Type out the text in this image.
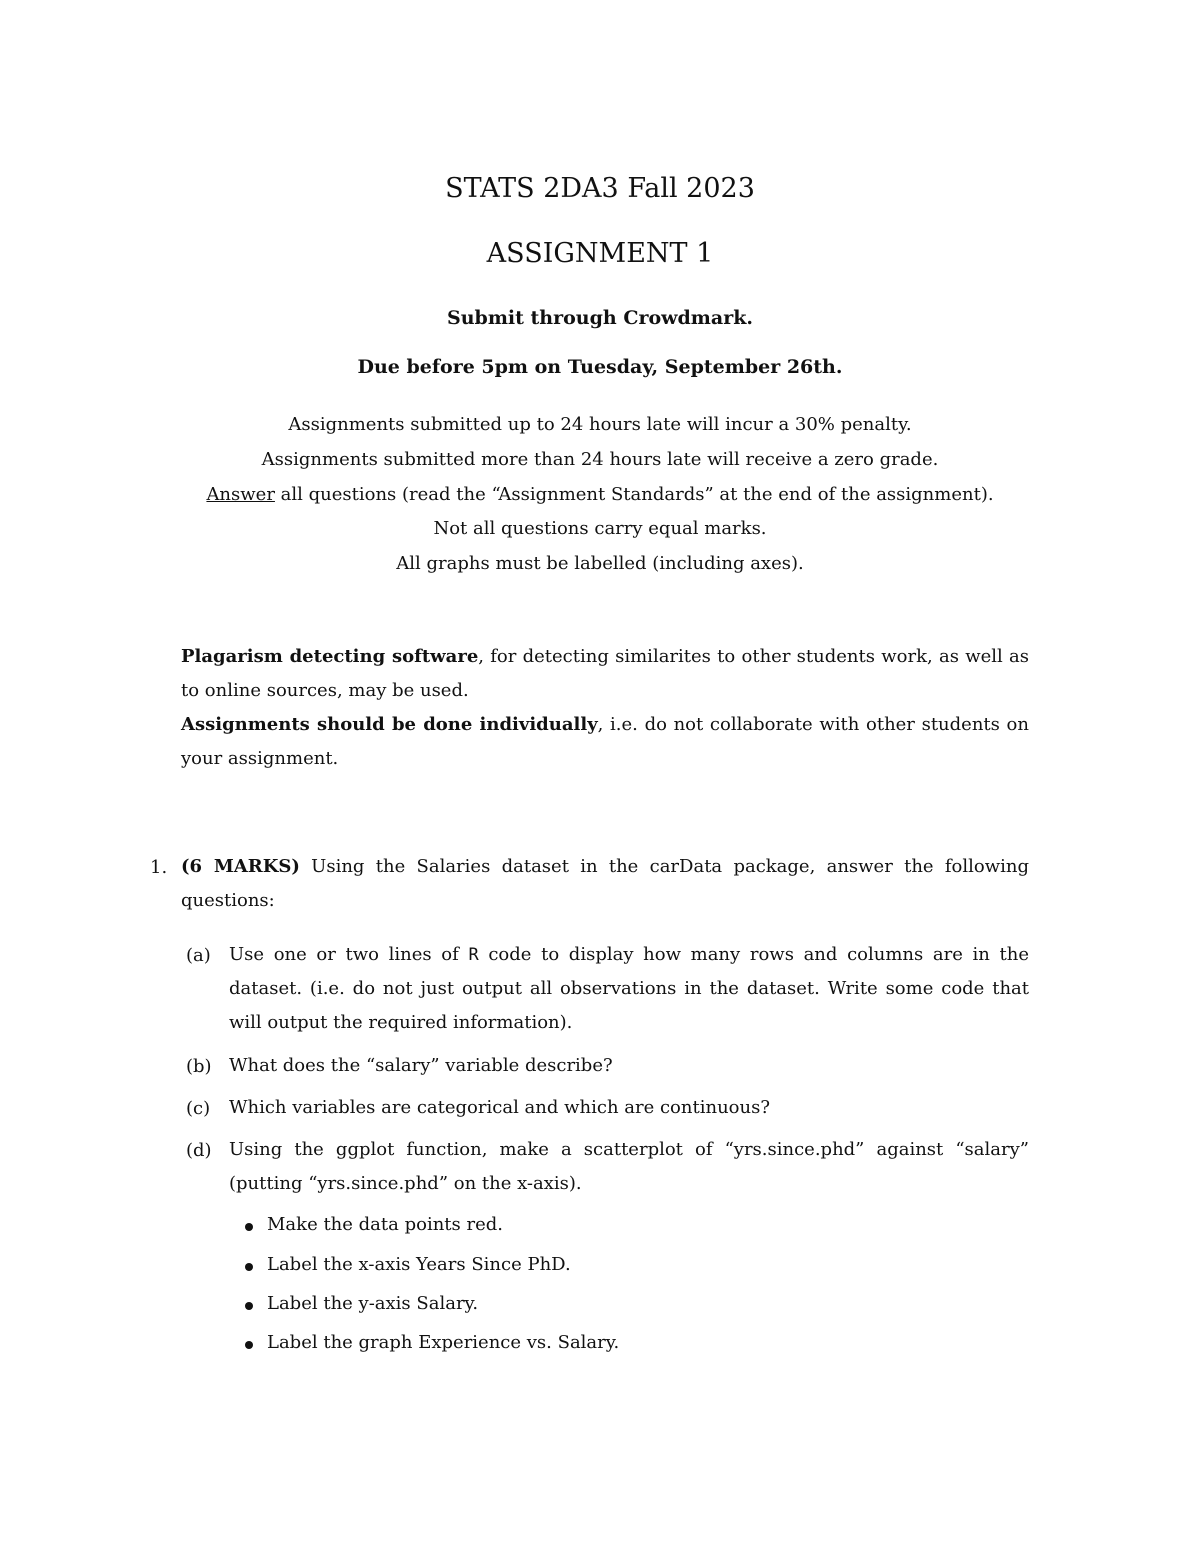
STATS 2DA3 Fall 2023
ASSIGNMENT 1
Submit through Crowdmark.
Due before 5pm on Tuesday, September 26th.
Assignments submitted up to 24 hours late will incur a 30% penalty.
Assignments submitted more than 24 hours late will receive a zero grade.
Answer all questions (read the “Assignment Standards” at the end of the assignment).
Not all questions carry equal marks.
All graphs must be labelled (including axes).
Plagarism detecting software, for detecting similarites to other students work, as well as to online sources, may be used.
Assignments should be done individually, i.e. do not collaborate with other students on your assignment.
1. (6 MARKS) Using the Salaries dataset in the carData package, answer the following questions:
(a) Use one or two lines of R code to display how many rows and columns are in the dataset. (i.e. do not just output all observations in the dataset. Write some code that will output the required information).
(b) What does the “salary” variable describe?
(c) Which variables are categorical and which are continuous?
(d) Using the ggplot function, make a scatterplot of “yrs.since.phd” against “salary” (putting “yrs.since.phd” on the x-axis).
Make the data points red.
Label the x-axis Years Since PhD.
Label the y-axis Salary.
Label the graph Experience vs. Salary.
